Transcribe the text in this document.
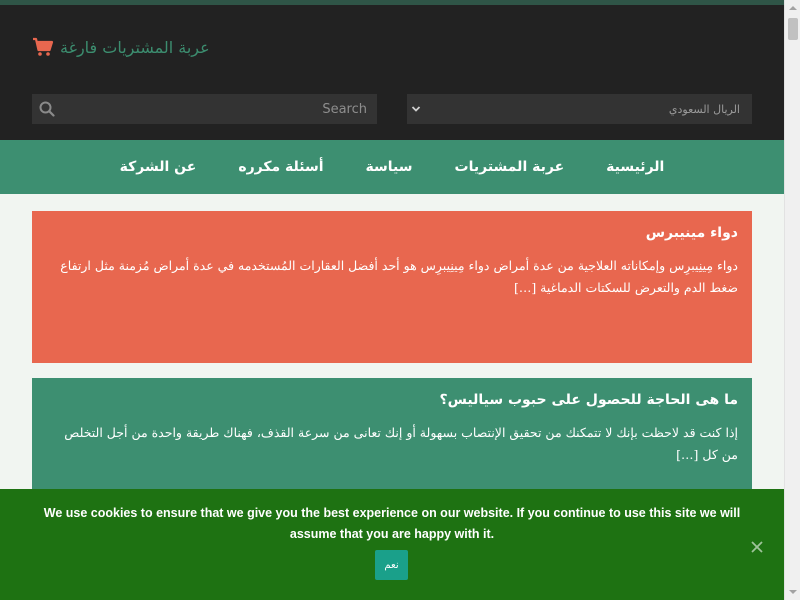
عربة المشتريات فارغة
Search
الريال السعودي
الرئيسية
عربة المشتريات
سياسة
أسئلة مكرره
عن الشركة
دواء مينيبرس
دواء مِينِيبرِس وإمكاناته العلاجية من عدة أمراض دواء مِينِيبرِس هو أحد أفضل العقارات المُستخدمه في عدة أمراض مُزمنة مثل ارتفاع ضغط الدم والتعرض للسكتات الدماغية […]
ما هى الحاجة للحصول على حبوب سياليس؟
إذا كنت قد لاحظت بإنك لا تتمكنك من تحقيق الإنتصاب بسهولة أو إنك تعانى من سرعة القذف، فهناك طريقة واحدة من أجل التخلص من كل […]
We use cookies to ensure that we give you the best experience on our website. If you continue to use this site we will assume that you are happy with it.
نعم
